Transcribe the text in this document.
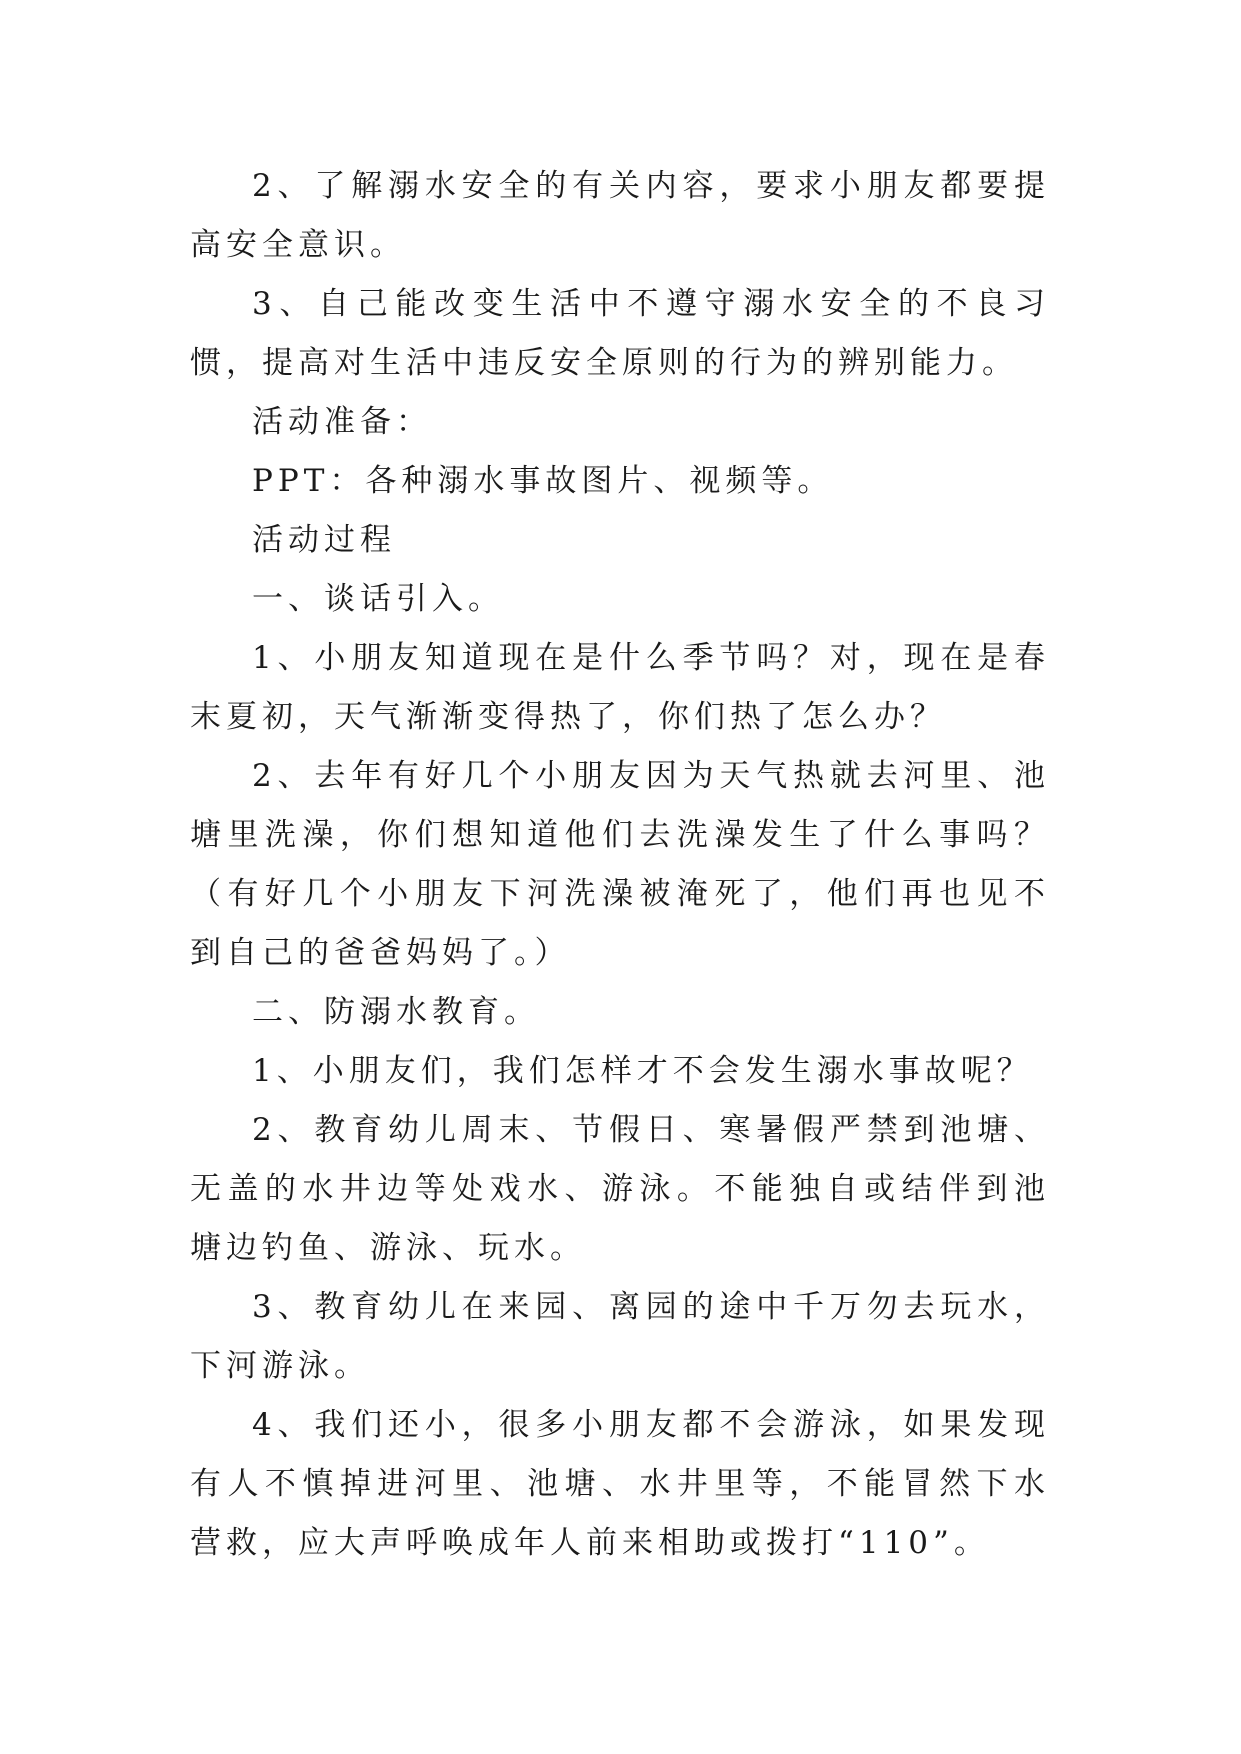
2、了解溺水安全的有关内容，要求小朋友都要提高安全意识。

3、自己能改变生活中不遵守溺水安全的不良习惯，提高对生活中违反安全原则的行为的辨别能力。

活动准备：

PPT：各种溺水事故图片、视频等。

活动过程

一、谈话引入。

1、小朋友知道现在是什么季节吗？对，现在是春末夏初，天气渐渐变得热了，你们热了怎么办？

2、去年有好几个小朋友因为天气热就去河里、池塘里洗澡，你们想知道他们去洗澡发生了什么事吗？（有好几个小朋友下河洗澡被淹死了，他们再也见不到自己的爸爸妈妈了。）

二、防溺水教育。

1、小朋友们，我们怎样才不会发生溺水事故呢？

2、教育幼儿周末、节假日、寒暑假严禁到池塘、无盖的水井边等处戏水、游泳。不能独自或结伴到池塘边钓鱼、游泳、玩水。

3、教育幼儿在来园、离园的途中千万勿去玩水，下河游泳。

4、我们还小，很多小朋友都不会游泳，如果发现有人不慎掉进河里、池塘、水井里等，不能冒然下水营救，应大声呼唤成年人前来相助或拨打“110”。
